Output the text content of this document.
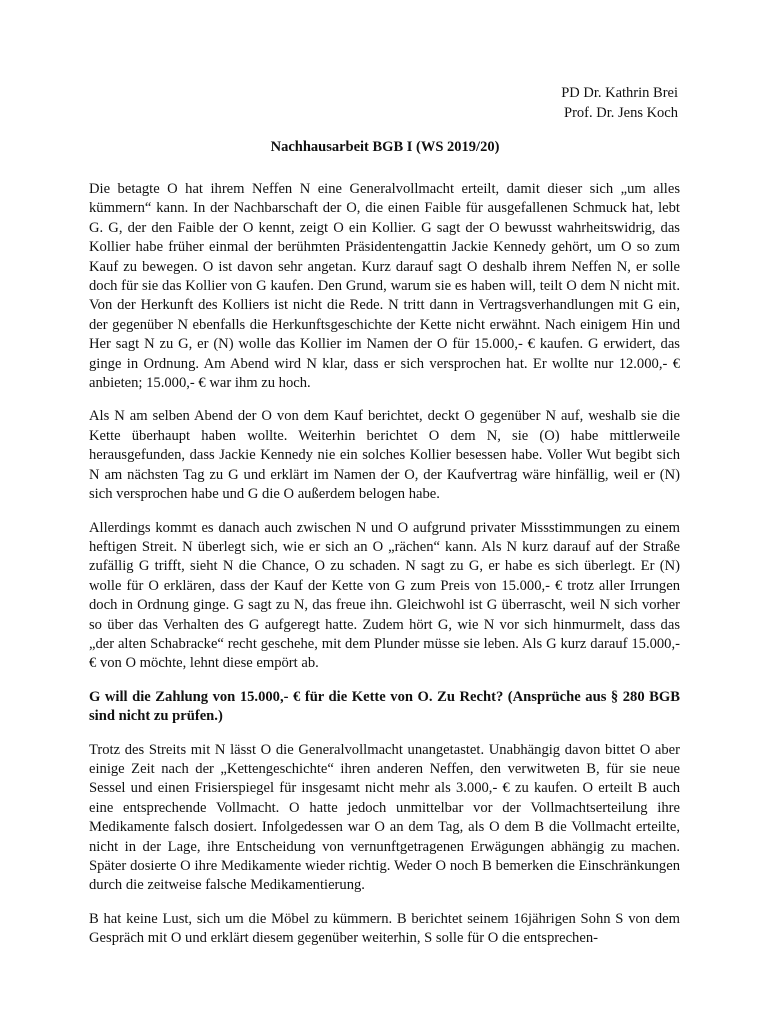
PD Dr. Kathrin Brei
Prof. Dr. Jens Koch
Nachhausarbeit BGB I (WS 2019/20)

Die betagte O hat ihrem Neffen N eine Generalvollmacht erteilt, damit dieser sich „um alles kümmern“ kann. In der Nachbarschaft der O, die einen Faible für ausgefallenen Schmuck hat, lebt G. G, der den Faible der O kennt, zeigt O ein Kollier. G sagt der O bewusst wahrheitswidrig, das Kollier habe früher einmal der berühmten Präsidentengattin Jackie Kennedy gehört, um O so zum Kauf zu bewegen. O ist davon sehr angetan. Kurz darauf sagt O deshalb ihrem Neffen N, er solle doch für sie das Kollier von G kaufen. Den Grund, warum sie es haben will, teilt O dem N nicht mit. Von der Herkunft des Kolliers ist nicht die Rede. N tritt dann in Vertragsverhandlungen mit G ein, der gegenüber N ebenfalls die Herkunftsgeschichte der Kette nicht erwähnt. Nach einigem Hin und Her sagt N zu G, er (N) wolle das Kollier im Namen der O für 15.000,- € kaufen. G erwidert, das ginge in Ordnung. Am Abend wird N klar, dass er sich versprochen hat. Er wollte nur 12.000,- € anbieten; 15.000,- € war ihm zu hoch.

Als N am selben Abend der O von dem Kauf berichtet, deckt O gegenüber N auf, weshalb sie die Kette überhaupt haben wollte. Weiterhin berichtet O dem N, sie (O) habe mittlerweile herausgefunden, dass Jackie Kennedy nie ein solches Kollier besessen habe. Voller Wut begibt sich N am nächsten Tag zu G und erklärt im Namen der O, der Kaufvertrag wäre hinfällig, weil er (N) sich versprochen habe und G die O außerdem belogen habe.

Allerdings kommt es danach auch zwischen N und O aufgrund privater Missstimmungen zu einem heftigen Streit. N überlegt sich, wie er sich an O „rächen“ kann. Als N kurz darauf auf der Straße zufällig G trifft, sieht N die Chance, O zu schaden. N sagt zu G, er habe es sich überlegt. Er (N) wolle für O erklären, dass der Kauf der Kette von G zum Preis von 15.000,- € trotz aller Irrungen doch in Ordnung ginge. G sagt zu N, das freue ihn. Gleichwohl ist G überrascht, weil N sich vorher so über das Verhalten des G aufgeregt hatte. Zudem hört G, wie N vor sich hinmurmelt, dass das „der alten Schabracke“ recht geschehe, mit dem Plunder müsse sie leben. Als G kurz darauf 15.000,- € von O möchte, lehnt diese empört ab.

G will die Zahlung von 15.000,- € für die Kette von O. Zu Recht? (Ansprüche aus § 280 BGB sind nicht zu prüfen.)

Trotz des Streits mit N lässt O die Generalvollmacht unangetastet. Unabhängig davon bittet O aber einige Zeit nach der „Kettengeschichte“ ihren anderen Neffen, den verwitweten B, für sie neue Sessel und einen Frisierspiegel für insgesamt nicht mehr als 3.000,- € zu kaufen. O erteilt B auch eine entsprechende Vollmacht. O hatte jedoch unmittelbar vor der Vollmachtserteilung ihre Medikamente falsch dosiert. Infolgedessen war O an dem Tag, als O dem B die Vollmacht erteilte, nicht in der Lage, ihre Entscheidung von vernunftgetragenen Erwägungen abhängig zu machen. Später dosierte O ihre Medikamente wieder richtig. Weder O noch B bemerken die Einschränkungen durch die zeitweise falsche Medikamentierung.

B hat keine Lust, sich um die Möbel zu kümmern. B berichtet seinem 16jährigen Sohn S von dem Gespräch mit O und erklärt diesem gegenüber weiterhin, S solle für O die entsprechen-
